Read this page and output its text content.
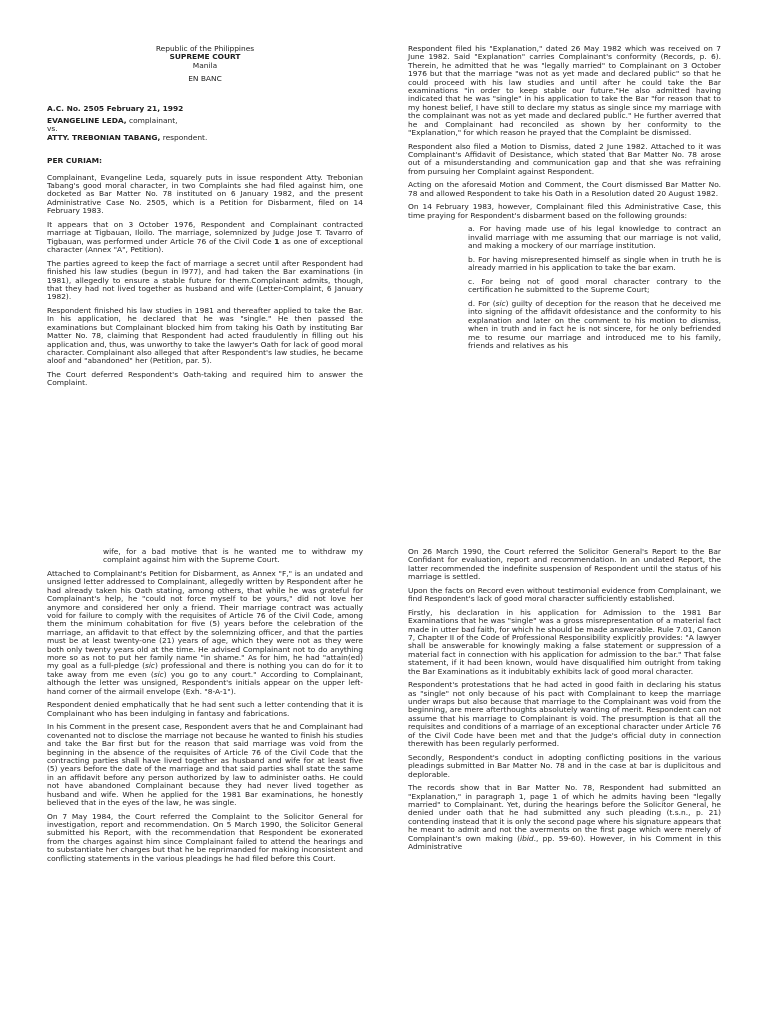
Republic of the Philippines

SUPREME COURT

Manila

EN BANC

A.C. No. 2505 February 21, 1992

EVANGELINE LEDA, complainant,

vs.

ATTY. TREBONIAN TABANG, respondent.

PER CURIAM:

Complainant, Evangeline Leda, squarely puts in issue respondent Atty. Trebonian Tabang's good moral character, in two Complaints she had filed against him, one docketed as Bar Matter No. 78 instituted on 6 January 1982, and the present Administrative Case No. 2505, which is a Petition for Disbarment, filed on 14 February 1983.

It appears that on 3 October 1976, Respondent and Complainant contracted marriage at Tigbauan, Iloilo. The marriage, solemnized by Judge Jose T. Tavarro of Tigbauan, was performed under Article 76 of the Civil Code 1 as one of exceptional character (Annex "A", Petition).

The parties agreed to keep the fact of marriage a secret until after Respondent had finished his law studies (begun in l977), and had taken the Bar examinations (in 1981), allegedly to ensure a stable future for them.Complainant admits, though, that they had not lived together as husband and wife (Letter-Complaint, 6 January 1982).

Respondent finished his law studies in 1981 and thereafter applied to take the Bar. In his application, he declared that he was "single." He then passed the examinations but Complainant blocked him from taking his Oath by instituting Bar Matter No. 78, claiming that Respondent had acted fraudulently in filling out his application and, thus, was unworthy to take the lawyer's Oath for lack of good moral character. Complainant also alleged that after Respondent's law studies, he became aloof and "abandoned" her (Petition, par. 5).

The Court deferred Respondent's Oath-taking and required him to answer the Complaint.

Respondent filed his "Explanation," dated 26 May 1982 which was received on 7 June 1982. Said "Explanation" carries Complainant's conformity (Records, p. 6). Therein, he admitted that he was "legally married" to Complainant on 3 October 1976 but that the marriage "was not as yet made and declared public" so that he could proceed with his law studies and until after he could take the Bar examinations "in order to keep stable our future."He also admitted having indicated that he was "single" in his application to take the Bar "for reason that to my honest belief, I have still to declare my status as single since my marriage with the complainant was not as yet made and declared public." He further averred that he and Complainant had reconciled as shown by her conformity to the "Explanation," for which reason he prayed that the Complaint be dismissed.

Respondent also filed a Motion to Dismiss, dated 2 June 1982. Attached to it was Complainant's Affidavit of Desistance, which stated that Bar Matter No. 78 arose out of a misunderstanding and communication gap and that she was refraining from pursuing her Complaint against Respondent.

Acting on the aforesaid Motion and Comment, the Court dismissed Bar Matter No. 78 and allowed Respondent to take his Oath in a Resolution dated 20 August 1982.

On 14 February 1983, however, Complainant filed this Administrative Case, this time praying for Respondent's disbarment based on the following grounds:

a. For having made use of his legal knowledge to contract an invalid marriage with me assuming that our marriage is not valid, and making a mockery of our marriage institution.

b. For having misrepresented himself as single when in truth he is already married in his application to take the bar exam.

c. For being not of good moral character contrary to the certification he submitted to the Supreme Court;

d. For (sic) guilty of deception for the reason that he deceived me into signing of the affidavit ofdesistance and the conformity to his explanation and later on the comment to his motion to dismiss, when in truth and in fact he is not sincere, for he only befriended me to resume our marriage and introduced me to his family, friends and relatives as his

wife, for a bad motive that is he wanted me to withdraw my complaint against him with the Supreme Court.

Attached to Complainant's Petition for Disbarment, as Annex "F," is an undated and unsigned letter addressed to Complainant, allegedly written by Respondent after he had already taken his Oath stating, among others, that while he was grateful for Complainant's help, he "could not force myself to be yours," did not love her anymore and considered her only a friend. Their marriage contract was actually void for failure to comply with the requisites of Article 76 of the Civil Code, among them the minimum cohabitation for five (5) years before the celebration of the marriage, an affidavit to that effect by the solemnizing officer, and that the parties must be at least twenty-one (21) years of age, which they were not as they were both only twenty years old at the time. He advised Complainant not to do anything more so as not to put her family name "in shame." As for him, he had "attain(ed) my goal as a full-pledge (sic) professional and there is nothing you can do for it to take away from me even (sic) you go to any court." According to Complainant, although the letter was unsigned, Respondent's initials appear on the upper left-hand corner of the airmail envelope (Exh. "8-A-1").

Respondent denied emphatically that he had sent such a letter contending that it is Complainant who has been indulging in fantasy and fabrications.

In his Comment in the present case, Respondent avers that he and Complainant had covenanted not to disclose the marriage not because he wanted to finish his studies and take the Bar first but for the reason that said marriage was void from the beginning in the absence of the requisites of Article 76 of the Civil Code that the contracting parties shall have lived together as husband and wife for at least five (5) years before the date of the marriage and that said parties shall state the same in an affidavit before any person authorized by law to administer oaths. He could not have abandoned Complainant because they had never lived together as husband and wife. When he applied for the 1981 Bar examinations, he honestly believed that in the eyes of the law, he was single.

On 7 May 1984, the Court referred the Complaint to the Solicitor General for investigation, report and recommendation. On 5 March 1990, the Solicitor General submitted his Report, with the recommendation that Respondent be exonerated from the charges against him since Complainant failed to attend the hearings and to substantiate her charges but that he be reprimanded for making inconsistent and conflicting statements in the various pleadings he had filed before this Court.

On 26 March 1990, the Court referred the Solicitor General's Report to the Bar Confidant for evaluation, report and recommendation. In an undated Report, the latter recommended the indefinite suspension of Respondent until the status of his marriage is settled.

Upon the facts on Record even without testimonial evidence from Complainant, we find Respondent's lack of good moral character sufficiently established.

Firstly, his declaration in his application for Admission to the 1981 Bar Examinations that he was "single" was a gross misrepresentation of a material fact made in utter bad faith, for which he should be made answerable. Rule 7.01, Canon 7, Chapter II of the Code of Professional Responsibility explicitly provides: "A lawyer shall be answerable for knowingly making a false statement or suppression of a material fact in connection with his application for admission to the bar." That false statement, if it had been known, would have disqualified him outright from taking the Bar Examinations as it indubitably exhibits lack of good moral character.

Respondent's protestations that he had acted in good faith in declaring his status as "single" not only because of his pact with Complainant to keep the marriage under wraps but also because that marriage to the Complainant was void from the beginning, are mere afterthoughts absolutely wanting of merit. Respondent can not assume that his marriage to Complainant is void. The presumption is that all the requisites and conditions of a marriage of an exceptional character under Article 76 of the Civil Code have been met and that the Judge's official duty in connection therewith has been regularly performed.

Secondly, Respondent's conduct in adopting conflicting positions in the various pleadings submitted in Bar Matter No. 78 and in the case at bar is duplicitous and deplorable.

The records show that in Bar Matter No. 78, Respondent had submitted an "Explanation," in paragraph 1, page 1 of which he admits having been "legally married" to Complainant. Yet, during the hearings before the Solicitor General, he denied under oath that he had submitted any such pleading (t.s.n., p. 21) contending instead that it is only the second page where his signature appears that he meant to admit and not the averments on the first page which were merely of Complainant's own making (ibid., pp. 59-60). However, in his Comment in this Administrative
